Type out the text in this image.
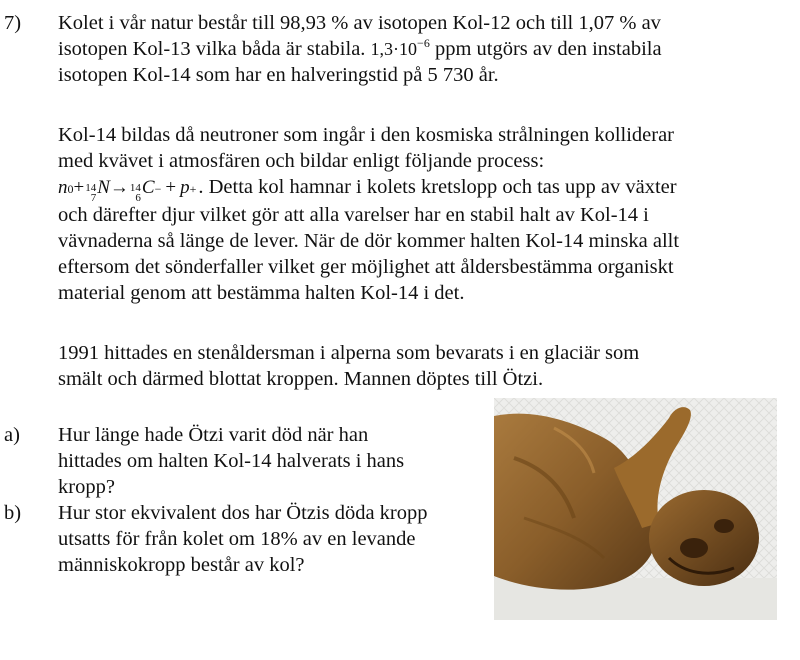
7) Kolet i vår natur består till 98,93 % av isotopen Kol-12 och till 1,07 % av

isotopen Kol-13 vilka båda är stabila. $1,3\cdot 10^{-6}$ ppm utgörs av den instabila

isotopen Kol-14 som har en halveringstid på 5 730 år.

Kol-14 bildas då neutroner som ingår i den kosmiska strålningen kolliderar

med kvävet i atmosfären och bildar enligt följande process:

n 0 + 14
7 N → 14
6 C − + p + . Detta kol hamnar i kolets kretslopp och tas upp av växter

och därefter djur vilket gör att alla varelser har en stabil halt av Kol-14 i

vävnaderna så länge de lever. När de dör kommer halten Kol-14 minska allt

eftersom det sönderfaller vilket ger möjlighet att åldersbestämma organiskt

material genom att bestämma halten Kol-14 i det.

1991 hittades en stenåldersman i alperna som bevarats i en glaciär som

smält och därmed blottat kroppen. Mannen döptes till Ötzi.

a) Hur länge hade Ötzi varit död när han

hittades om halten Kol-14 halverats i hans

kropp?

b) Hur stor ekvivalent dos har Ötzis döda kropp

utsatts för från kolet om 18% av en levande

människokropp består av kol?
